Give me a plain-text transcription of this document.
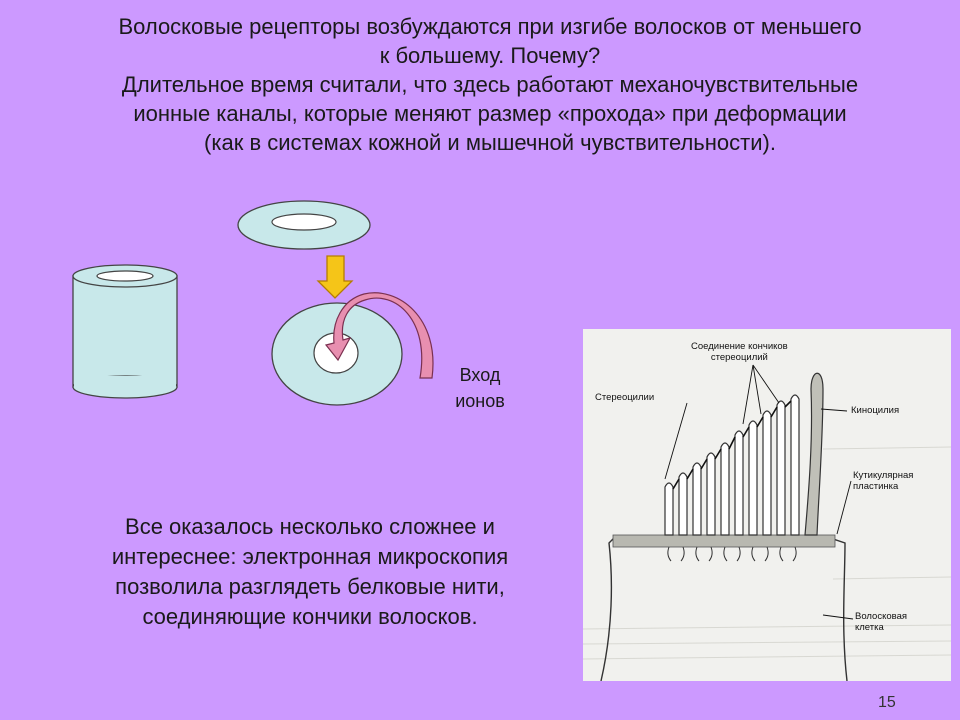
Волосковые рецепторы возбуждаются при изгибе волосков от меньшего
к большему. Почему?
Длительное время считали, что здесь работают механочувствительные
ионные каналы, которые меняют размер «прохода» при деформации
(как в системах кожной и мышечной чувствительности).
Вход
ионов
Все оказалось несколько сложнее и
интереснее: электронная микроскопия
позволила разглядеть белковые нити,
соединяющие кончики волосков.
Соединение кончиков
стереоцилий
Стереоцилии
Киноцилия
Кутикулярная
пластинка
Волосковая
клетка
15
